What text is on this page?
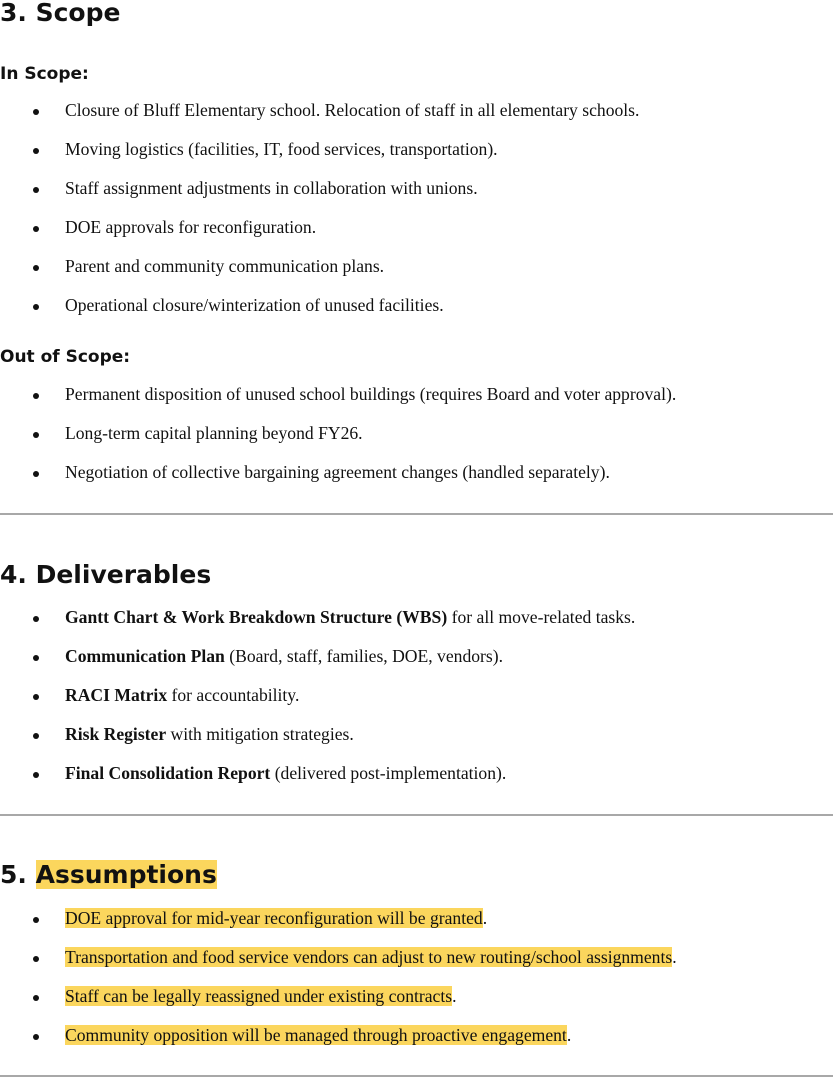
3. Scope
In Scope:
Closure of Bluff Elementary school. Relocation of staff in all elementary schools.
Moving logistics (facilities, IT, food services, transportation).
Staff assignment adjustments in collaboration with unions.
DOE approvals for reconfiguration.
Parent and community communication plans.
Operational closure/winterization of unused facilities.
Out of Scope:
Permanent disposition of unused school buildings (requires Board and voter approval).
Long-term capital planning beyond FY26.
Negotiation of collective bargaining agreement changes (handled separately).
4. Deliverables
Gantt Chart & Work Breakdown Structure (WBS) for all move-related tasks.
Communication Plan (Board, staff, families, DOE, vendors).
RACI Matrix for accountability.
Risk Register with mitigation strategies.
Final Consolidation Report (delivered post-implementation).
5. Assumptions
DOE approval for mid-year reconfiguration will be granted.
Transportation and food service vendors can adjust to new routing/school assignments.
Staff can be legally reassigned under existing contracts.
Community opposition will be managed through proactive engagement.
